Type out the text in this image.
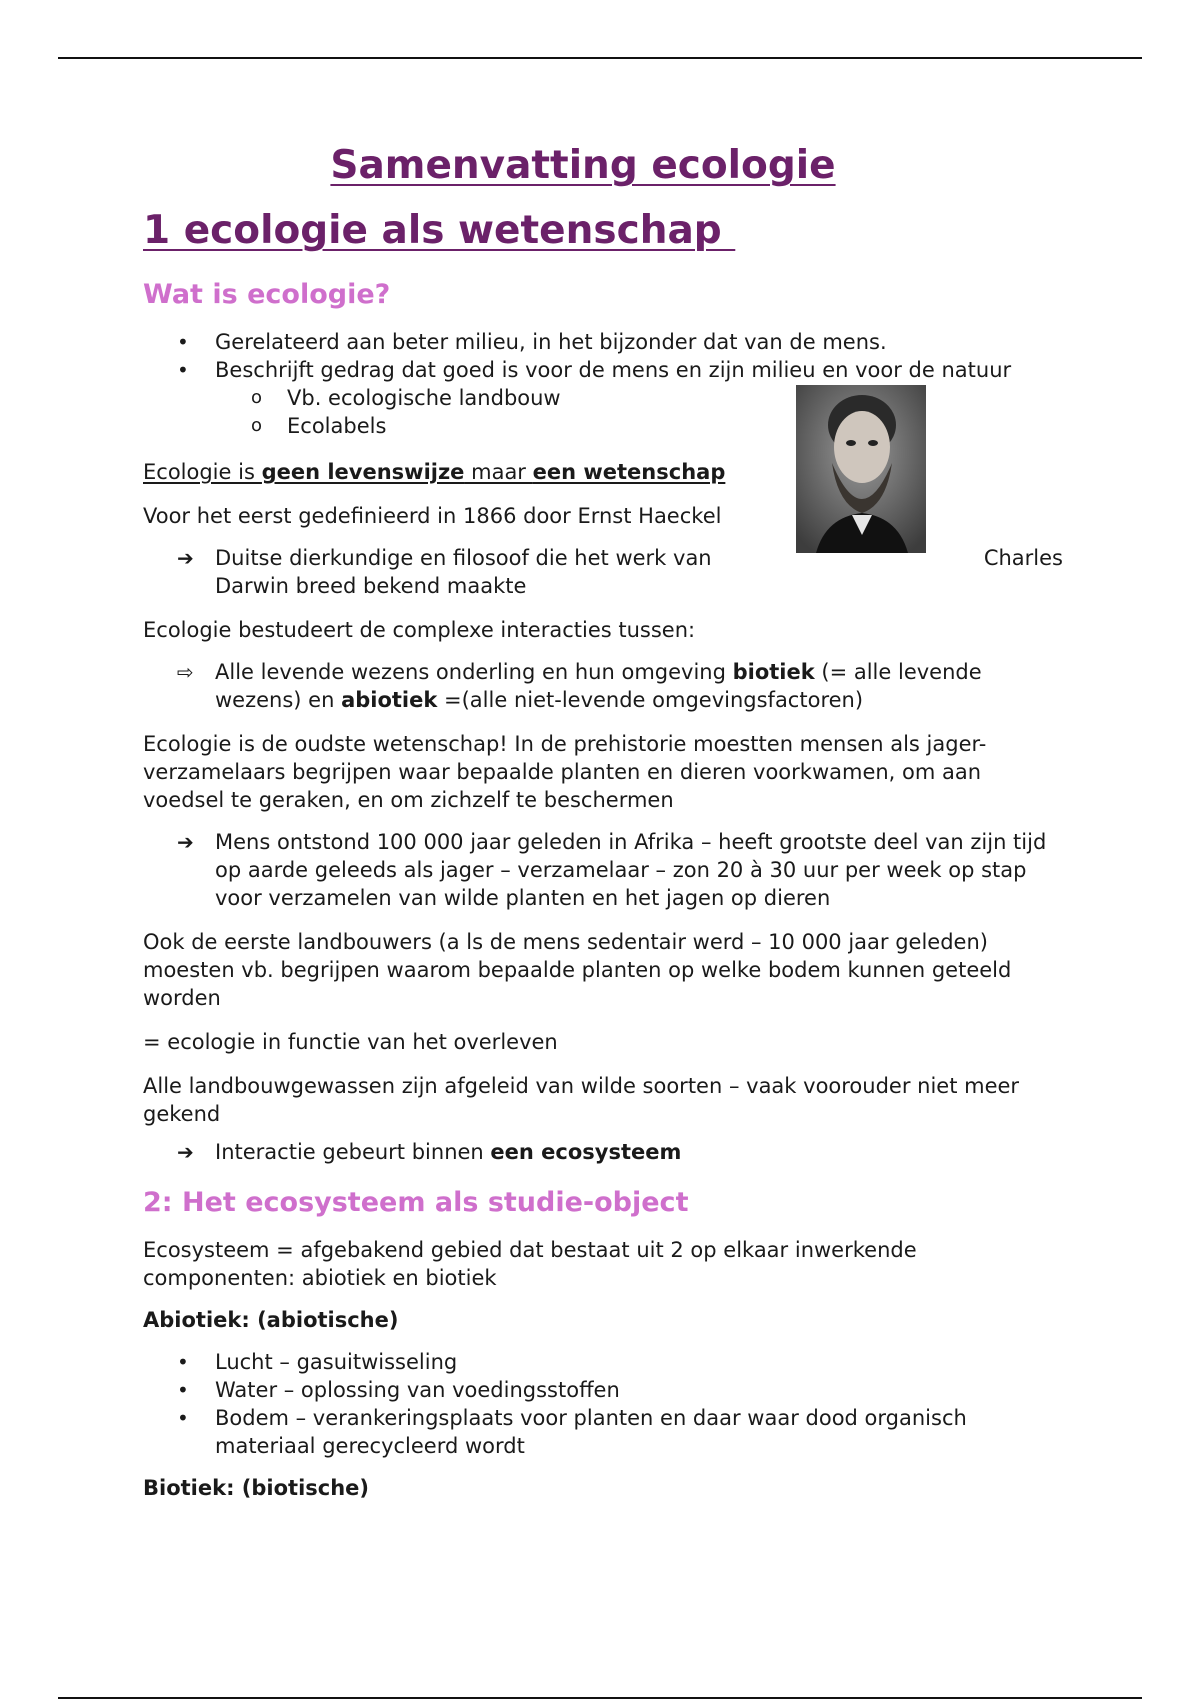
Samenvatting ecologie
1 ecologie als wetenschap
Wat is ecologie?
• Gerelateerd aan beter milieu, in het bijzonder dat van de mens.
• Beschrijft gedrag dat goed is voor de mens en zijn milieu en voor de natuur
o Vb. ecologische landbouw
o Ecolabels

Ecologie is geen levenswijze maar een wetenschap

Voor het eerst gedefinieerd in 1866 door Ernst Haeckel

➔ Duitse dierkundige en filosoof die het werk van	Charles

Darwin breed bekend maakte

Ecologie bestudeert de complexe interacties tussen:

⇨ Alle levende wezens onderling en hun omgeving biotiek (= alle levende wezens) en abiotiek =(alle niet-levende omgevingsfactoren)

Ecologie is de oudste wetenschap! In de prehistorie moestten mensen als jager-verzamelaars begrijpen waar bepaalde planten en dieren voorkwamen, om aan voedsel te geraken, en om zichzelf te beschermen

➔ Mens ontstond 100 000 jaar geleden in Afrika – heeft grootste deel van zijn tijd op aarde geleeds als jager – verzamelaar – zon 20 à 30 uur per week op stap voor verzamelen van wilde planten en het jagen op dieren

Ook de eerste landbouwers (a ls de mens sedentair werd – 10 000 jaar geleden) moesten vb. begrijpen waarom bepaalde planten op welke bodem kunnen geteeld worden

= ecologie in functie van het overleven

Alle landbouwgewassen zijn afgeleid van wilde soorten – vaak voorouder niet meer gekend

➔ Interactie gebeurt binnen een ecosysteem
2: Het ecosysteem als studie-object

Ecosysteem = afgebakend gebied dat bestaat uit 2 op elkaar inwerkende componenten: abiotiek en biotiek

Abiotiek: (abiotische)

• Lucht – gasuitwisseling
• Water – oplossing van voedingsstoffen
• Bodem – verankeringsplaats voor planten en daar waar dood organisch materiaal gerecycleerd wordt

Biotiek: (biotische)
